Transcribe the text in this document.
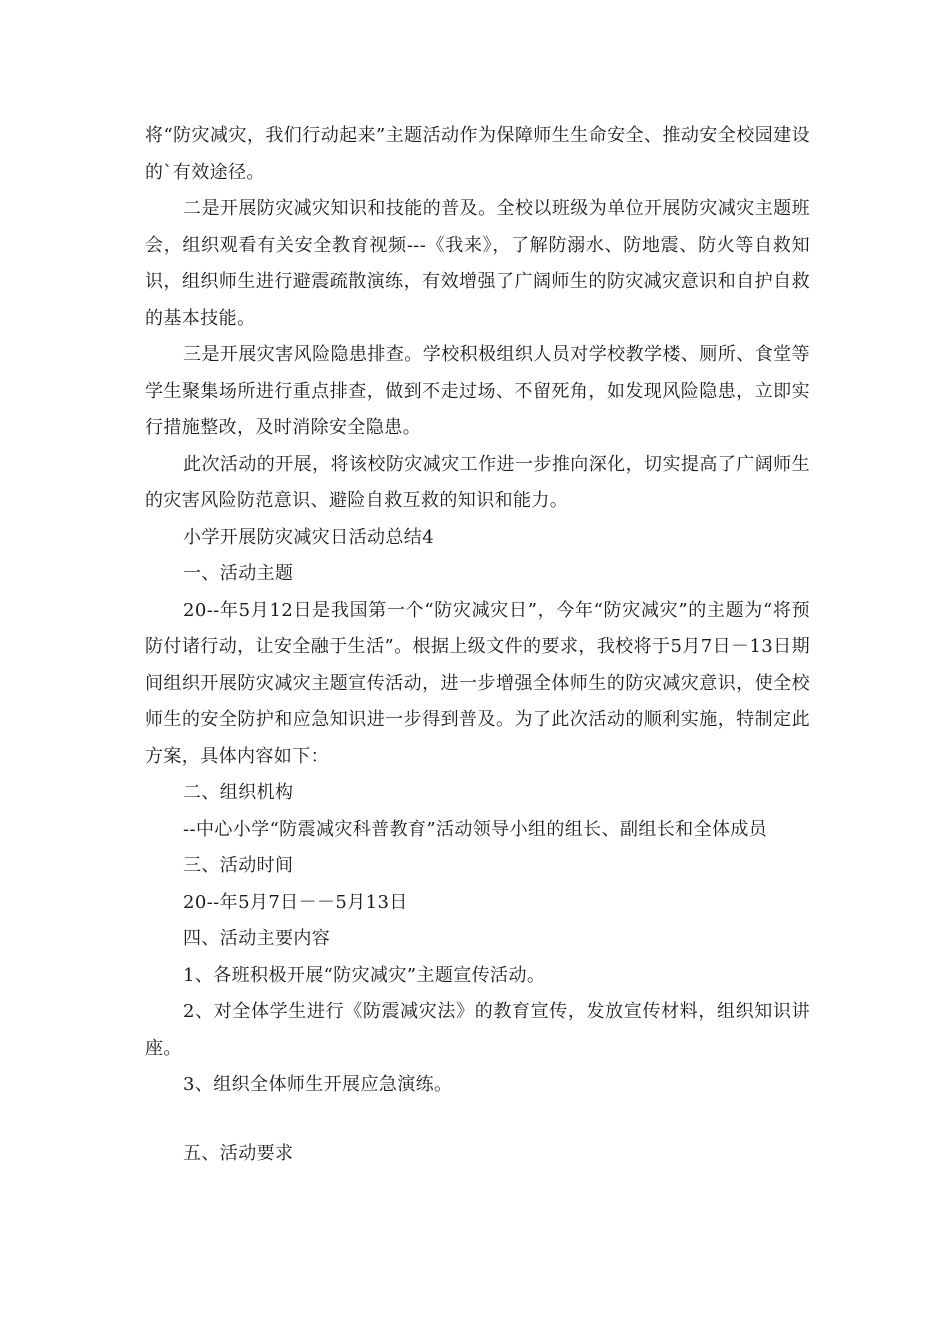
将“防灾减灾，我们行动起来”主题活动作为保障师生生命安全、推动安全校园建设的`有效途径。

二是开展防灾减灾知识和技能的普及。全校以班级为单位开展防灾减灾主题班会，组织观看有关安全教育视频---《我来》，了解防溺水、防地震、防火等自救知识，组织师生进行避震疏散演练，有效增强了广阔师生的防灾减灾意识和自护自救的基本技能。

三是开展灾害风险隐患排查。学校积极组织人员对学校教学楼、厕所、食堂等学生聚集场所进行重点排查，做到不走过场、不留死角，如发现风险隐患，立即实行措施整改，及时消除安全隐患。

此次活动的开展，将该校防灾减灾工作进一步推向深化，切实提高了广阔师生的灾害风险防范意识、避险自救互救的知识和能力。

小学开展防灾减灾日活动总结4

一、活动主题

20--年5月12日是我国第一个“防灾减灾日”，今年“防灾减灾”的主题为“将预防付诸行动，让安全融于生活”。根据上级文件的要求，我校将于5月7日－13日期间组织开展防灾减灾主题宣传活动，进一步增强全体师生的防灾减灾意识，使全校师生的安全防护和应急知识进一步得到普及。为了此次活动的顺利实施，特制定此方案，具体内容如下：

二、组织机构

--中心小学“防震减灾科普教育”活动领导小组的组长、副组长和全体成员

三、活动时间

20--年5月7日－－5月13日

四、活动主要内容

1、各班积极开展“防灾减灾”主题宣传活动。

2、对全体学生进行《防震减灾法》的教育宣传，发放宣传材料，组织知识讲座。

3、组织全体师生开展应急演练。

五、活动要求
